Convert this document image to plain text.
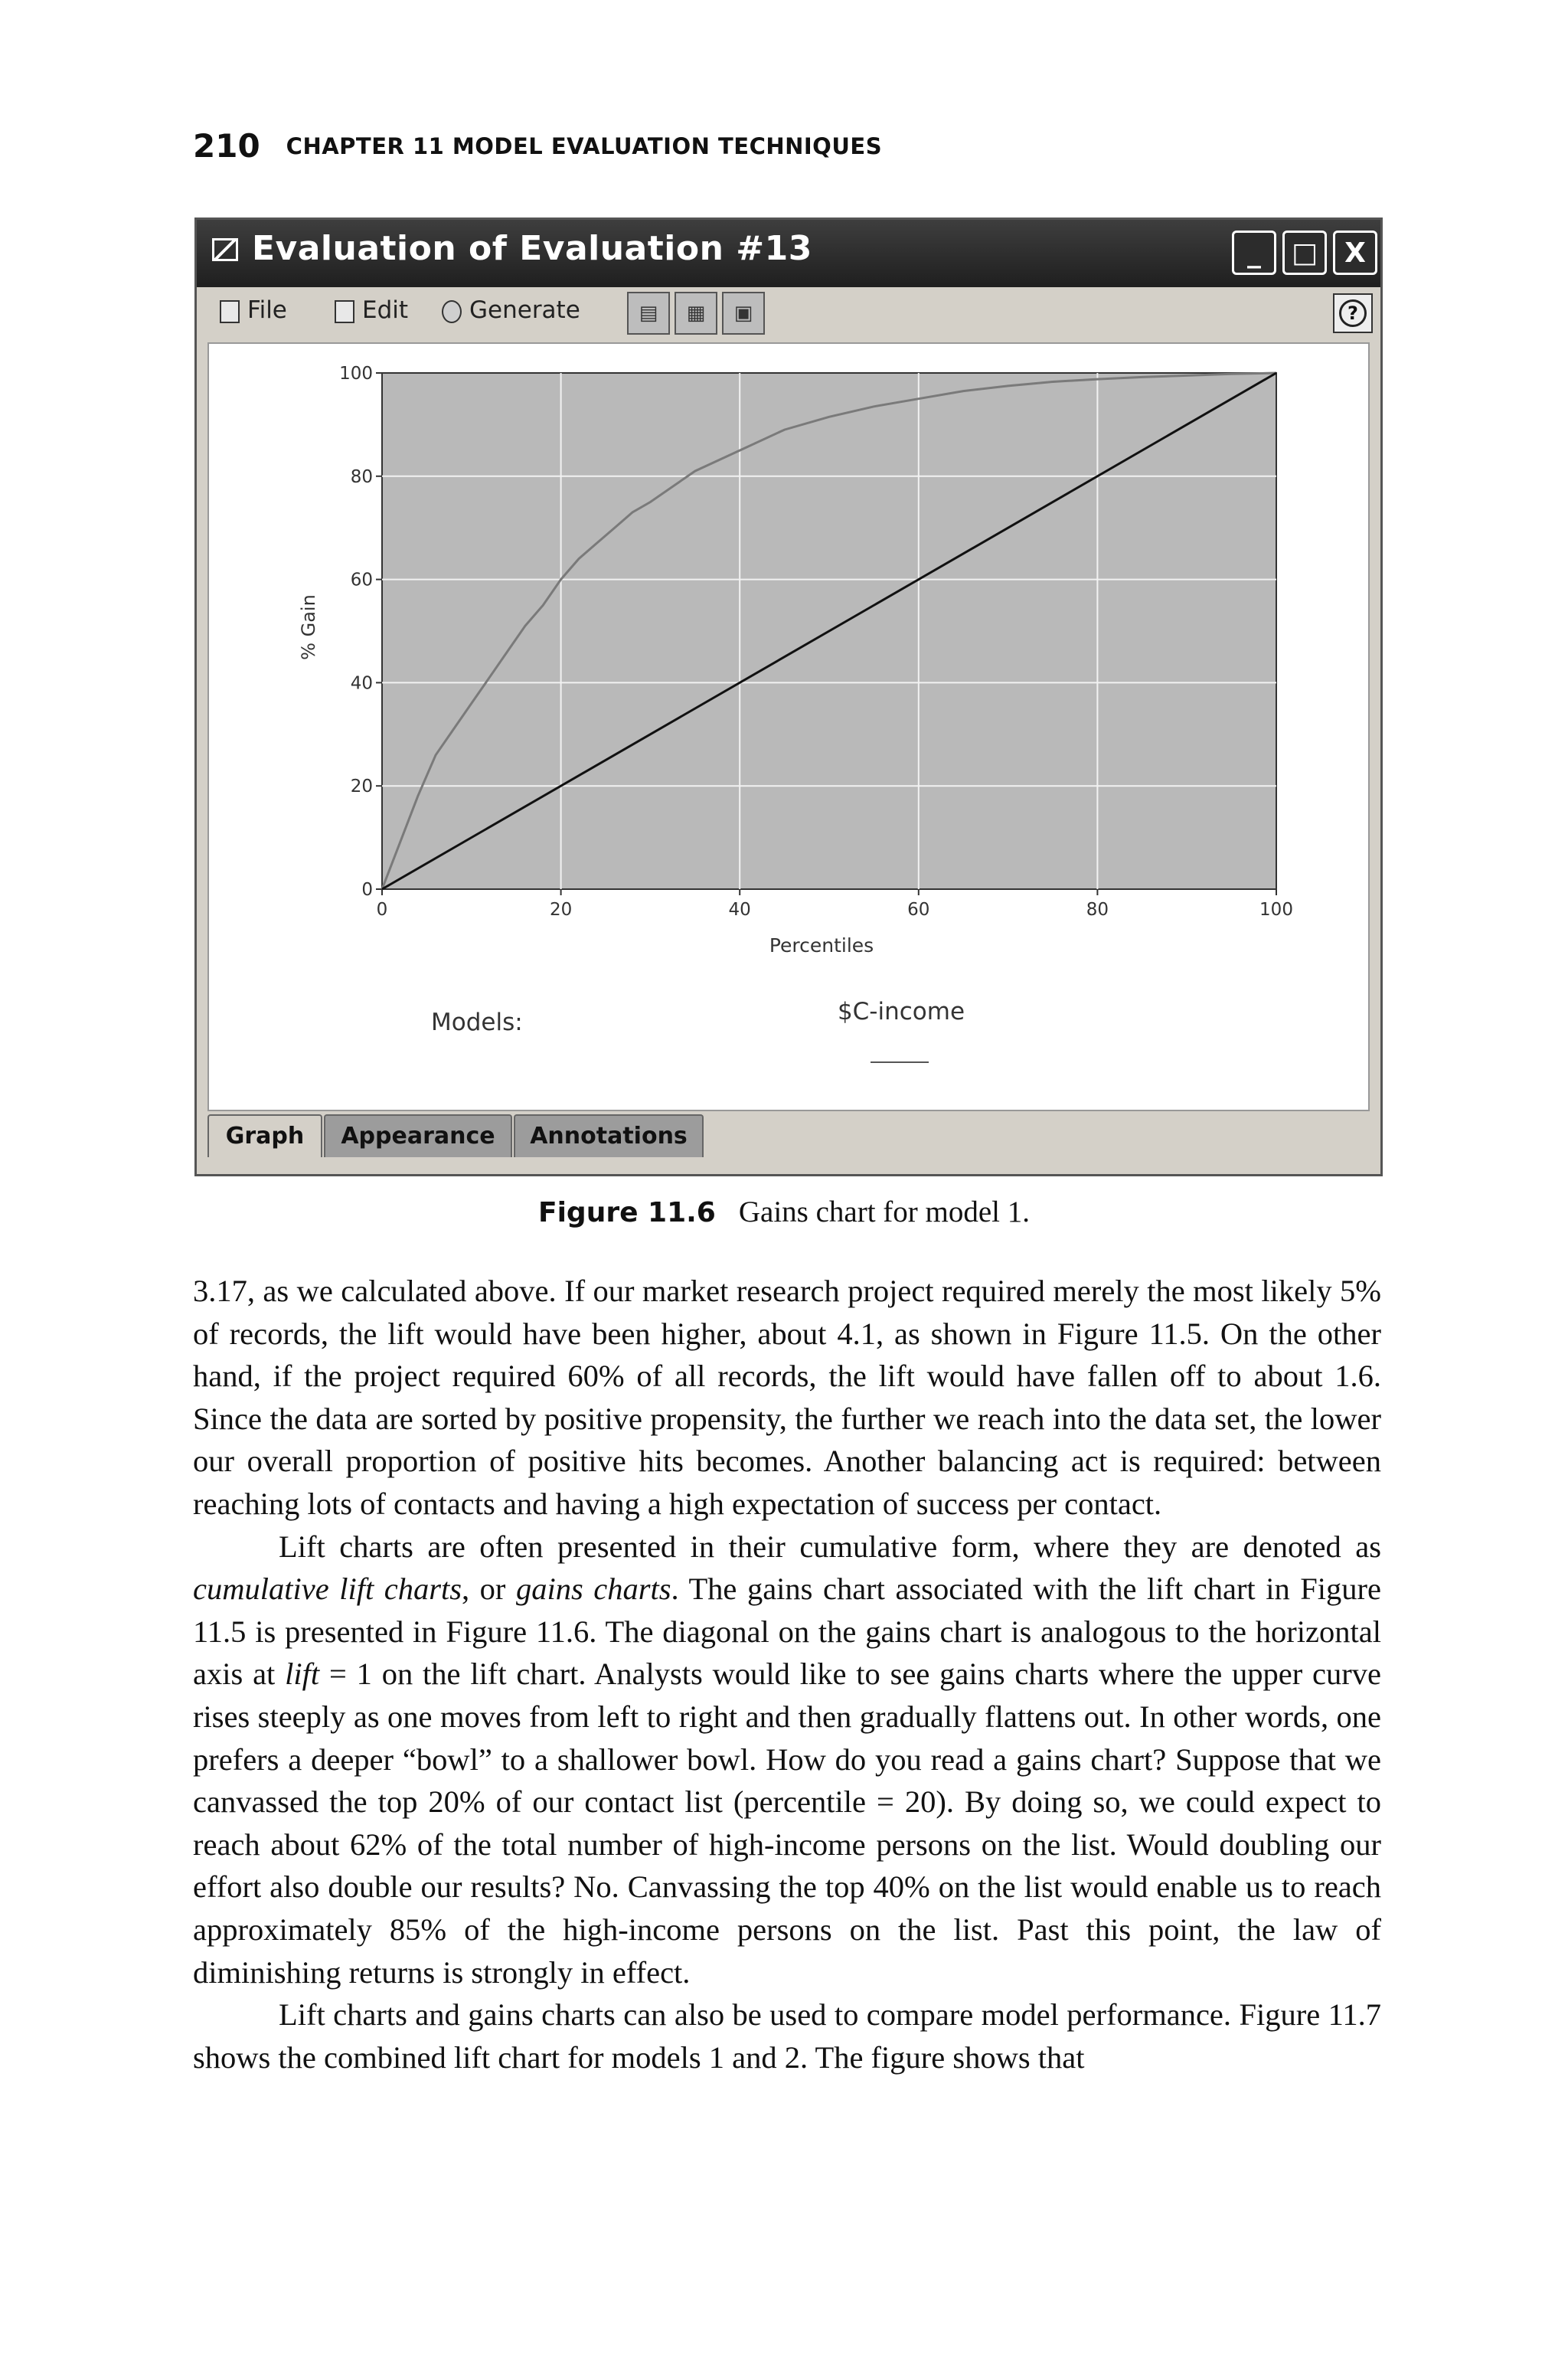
210 CHAPTER 11 MODEL EVALUATION TECHNIQUES
Evaluation of Evaluation #13	_	□ X
File	Edit	Generate	▤	▦	▣	?
0
0
20
20
40
40
60
60
80
80
100
100
% Gain
Percentiles
Models:	$C-income
Graph	Appearance	Annotations
Figure 11.6 Gains chart for model 1.

3.17, as we calculated above. If our market research project required merely the most likely 5% of records, the lift would have been higher, about 4.1, as shown in Figure 11.5. On the other hand, if the project required 60% of all records, the lift would have fallen off to about 1.6. Since the data are sorted by positive propensity, the further we reach into the data set, the lower our overall proportion of positive hits becomes. Another balancing act is required: between reaching lots of contacts and having a high expectation of success per contact.

Lift charts are often presented in their cumulative form, where they are denoted as cumulative lift charts, or gains charts. The gains chart associated with the lift chart in Figure 11.5 is presented in Figure 11.6. The diagonal on the gains chart is analogous to the horizontal axis at lift = 1 on the lift chart. Analysts would like to see gains charts where the upper curve rises steeply as one moves from left to right and then gradually flattens out. In other words, one prefers a deeper “bowl” to a shallower bowl. How do you read a gains chart? Suppose that we canvassed the top 20% of our contact list (percentile = 20). By doing so, we could expect to reach about 62% of the total number of high-income persons on the list. Would doubling our effort also double our results? No. Canvassing the top 40% on the list would enable us to reach approximately 85% of the high-income persons on the list. Past this point, the law of diminishing returns is strongly in effect.

Lift charts and gains charts can also be used to compare model performance. Figure 11.7 shows the combined lift chart for models 1 and 2. The figure shows that
